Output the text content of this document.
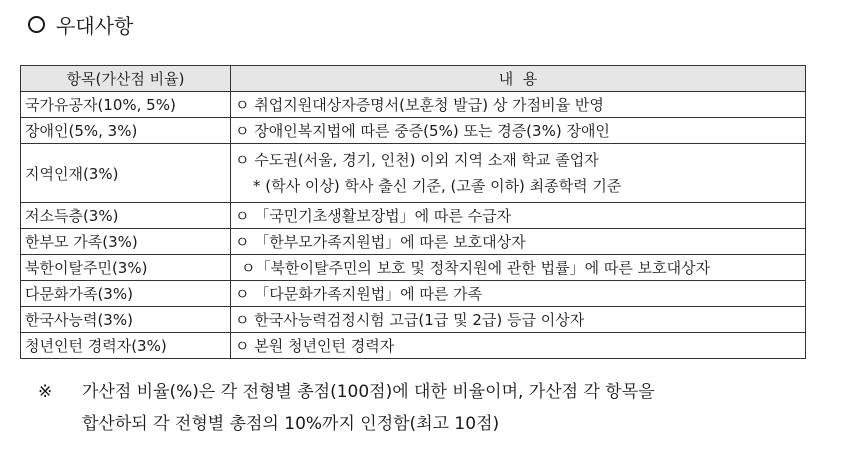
우대사항
항목(가산점 비율)	내  용
국가유공자(10%, 5%)	ㅇ 취업지원대상자증명서(보훈청 발급) 상 가점비율 반영
장애인(5%, 3%)	ㅇ 장애인복지법에 따른 중증(5%) 또는 경증(3%) 장애인
지역인재(3%)	ㅇ 수도권(서울, 경기, 인천) 이외 지역 소재 학교 졸업자
* (학사 이상) 학사 출신 기준, (고졸 이하) 최종학력 기준

저소득층(3%)	ㅇ 「국민기초생활보장법」에 따른 수급자
한부모 가족(3%)	ㅇ 「한부모가족지원법」에 따른 보호대상자
북한이탈주민(3%)	ㅇ「북한이탈주민의 보호 및 정착지원에 관한 법률」에 따른 보호대상자
다문화가족(3%)	ㅇ 「다문화가족지원법」에 따른 가족
한국사능력(3%)	ㅇ 한국사능력검정시험 고급(1급 및 2급) 등급 이상자
청년인턴 경력자(3%)	ㅇ 본원 청년인턴 경력자
※	가산점 비율(%)은 각 전형별 총점(100점)에 대한 비율이며, 가산점 각 항목을
합산하되 각 전형별 총점의 10%까지 인정함(최고 10점)
